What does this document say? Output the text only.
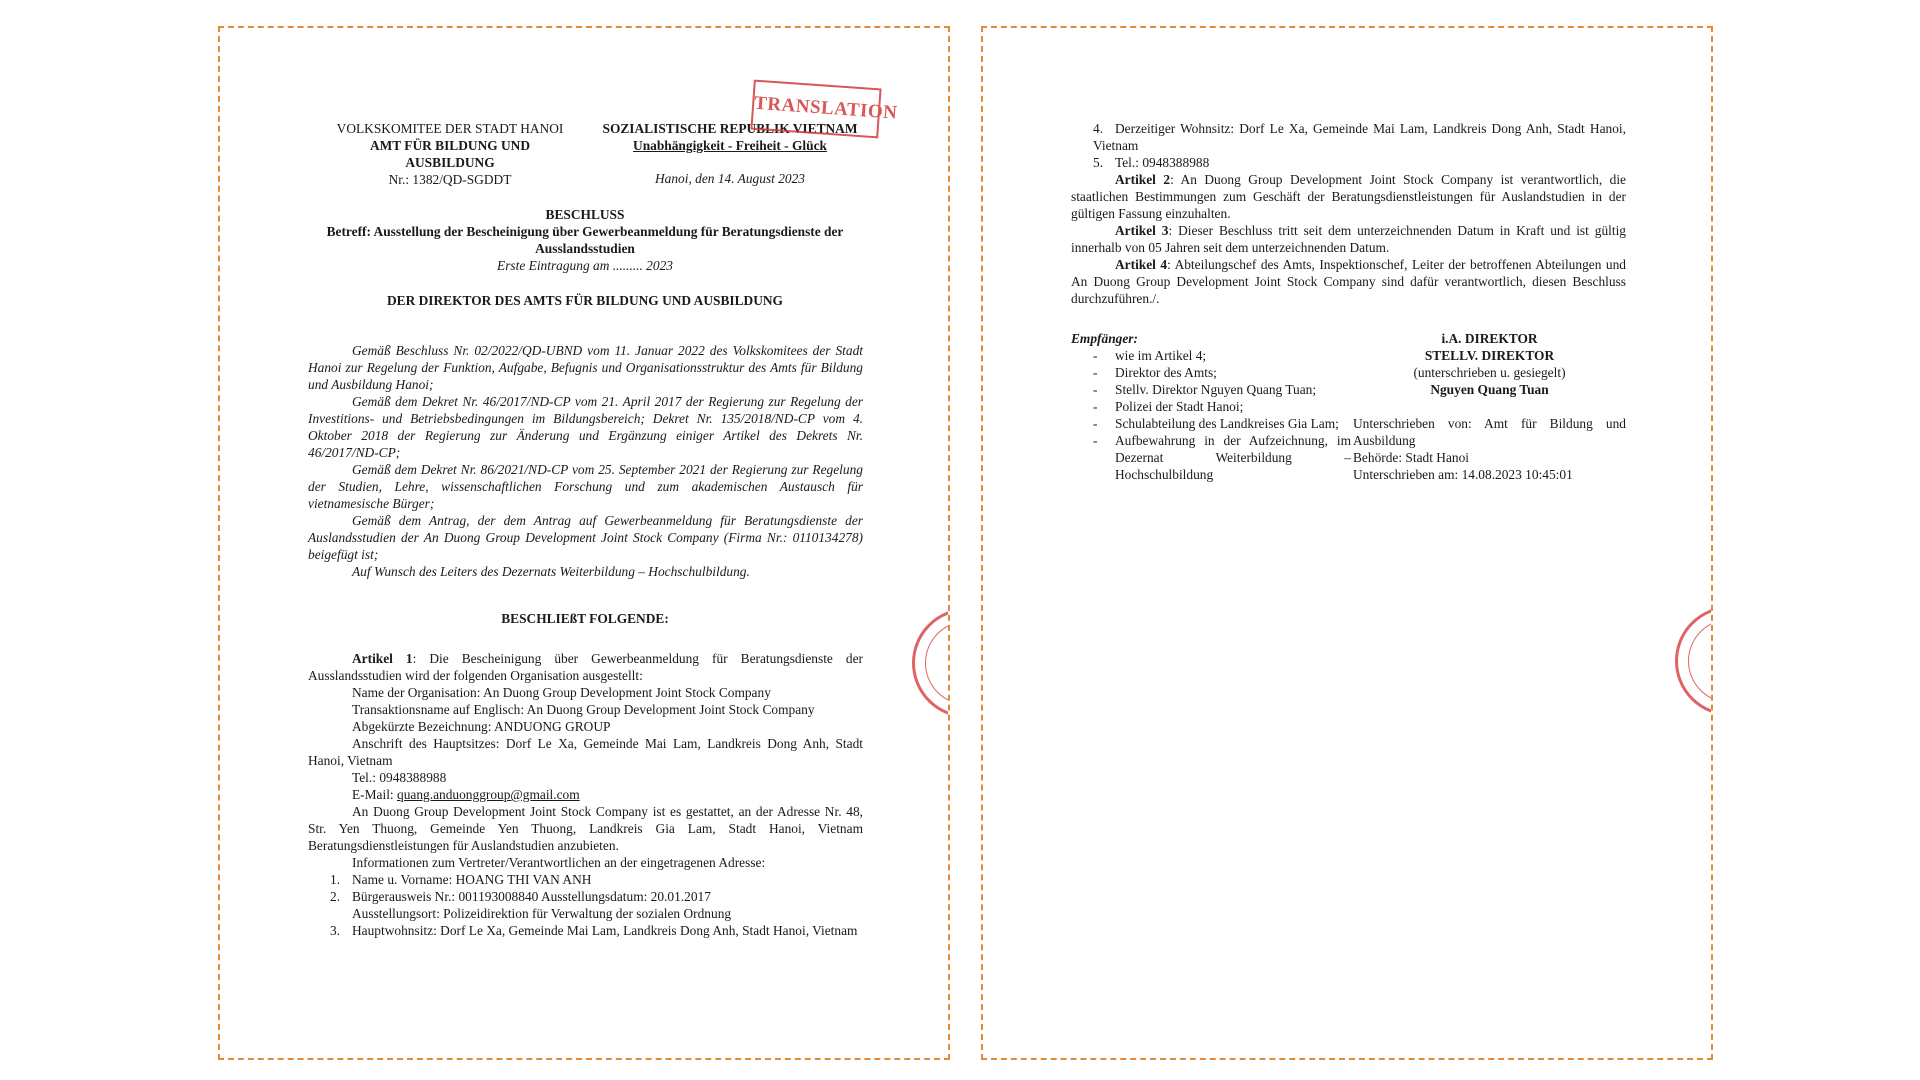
VOLKSKOMITEE DER STADT HANOI
AMT FÜR BILDUNG UND
AUSBILDUNG
Nr.: 1382/QD-SGDDT
SOZIALISTISCHE REPUBLIK VIETNAM
Unabhängigkeit - Freiheit - Glück
Hanoi, den 14. August 2023
TRANSLATION
BESCHLUSS
Betreff: Ausstellung der Bescheinigung über Gewerbeanmeldung für Beratungsdienste der Ausslandsstudien
Erste Eintragung am ......... 2023
DER DIREKTOR DES AMTS FÜR BILDUNG UND AUSBILDUNG

Gemäß Beschluss Nr. 02/2022/QD-UBND vom 11. Januar 2022 des Volkskomitees der Stadt Hanoi zur Regelung der Funktion, Aufgabe, Befugnis und Organisationsstruktur des Amts für Bildung und Ausbildung Hanoi;

Gemäß dem Dekret Nr. 46/2017/ND-CP vom 21. April 2017 der Regierung zur Regelung der Investitions- und Betriebsbedingungen im Bildungsbereich; Dekret Nr. 135/2018/ND-CP vom 4. Oktober 2018 der Regierung zur Änderung und Ergänzung einiger Artikel des Dekrets Nr. 46/2017/ND-CP;

Gemäß dem Dekret Nr. 86/2021/ND-CP vom 25. September 2021 der Regierung zur Regelung der Studien, Lehre, wissenschaftlichen Forschung und zum akademischen Austausch für vietnamesische Bürger;

Gemäß dem Antrag, der dem Antrag auf Gewerbeanmeldung für Beratungsdienste der Auslandsstudien der An Duong Group Development Joint Stock Company (Firma Nr.: 0110134278) beigefügt ist;

Auf Wunsch des Leiters des Dezernats Weiterbildung – Hochschulbildung.

BESCHLIEßT FOLGENDE:

Artikel 1: Die Bescheinigung über Gewerbeanmeldung für Beratungsdienste der Ausslandsstudien wird der folgenden Organisation ausgestellt:

Name der Organisation: An Duong Group Development Joint Stock Company

Transaktionsname auf Englisch: An Duong Group Development Joint Stock Company

Abgekürzte Bezeichnung: ANDUONG GROUP

Anschrift des Hauptsitzes: Dorf Le Xa, Gemeinde Mai Lam, Landkreis Dong Anh, Stadt Hanoi, Vietnam

Tel.: 0948388988

E-Mail: quang.anduonggroup@gmail.com

An Duong Group Development Joint Stock Company ist es gestattet, an der Adresse Nr. 48, Str. Yen Thuong, Gemeinde Yen Thuong, Landkreis Gia Lam, Stadt Hanoi, Vietnam Beratungsdienstleistungen für Auslandstudien anzubieten.

Informationen zum Vertreter/Verantwortlichen an der eingetragenen Adresse:

1. Name u. Vorname: HOANG THI VAN ANH

2. Bürgerausweis Nr.: 001193008840 Ausstellungsdatum: 20.01.2017

Ausstellungsort: Polizeidirektion für Verwaltung der sozialen Ordnung

3. Hauptwohnsitz: Dorf Le Xa, Gemeinde Mai Lam, Landkreis Dong Anh, Stadt Hanoi, Vietnam

4. Derzeitiger Wohnsitz: Dorf Le Xa, Gemeinde Mai Lam, Landkreis Dong Anh, Stadt Hanoi, Vietnam

5. Tel.: 0948388988

Artikel 2: An Duong Group Development Joint Stock Company ist verantwortlich, die staatlichen Bestimmungen zum Geschäft der Beratungsdienstleistungen für Auslandstudien in der gültigen Fassung einzuhalten.

Artikel 3: Dieser Beschluss tritt seit dem unterzeichnenden Datum in Kraft und ist gültig innerhalb von 05 Jahren seit dem unterzeichnenden Datum.

Artikel 4: Abteilungschef des Amts, Inspektionschef, Leiter der betroffenen Abteilungen und An Duong Group Development Joint Stock Company sind dafür verantwortlich, diesen Beschluss durchzuführen./.

Empfänger:
- wie im Artikel 4;
- Direktor des Amts;
- Stellv. Direktor Nguyen Quang Tuan;
- Polizei der Stadt Hanoi;
- Schulabteilung des Landkreises Gia Lam;
- Aufbewahrung in der Aufzeichnung, im Dezernat Weiterbildung – Hochschulbildung
i.A. DIREKTOR
STELLV. DIREKTOR
(unterschrieben u. gesiegelt)
Nguyen Quang Tuan
Unterschrieben von: Amt für Bildung und Ausbildung
Behörde: Stadt Hanoi
Unterschrieben am: 14.08.2023 10:45:01
